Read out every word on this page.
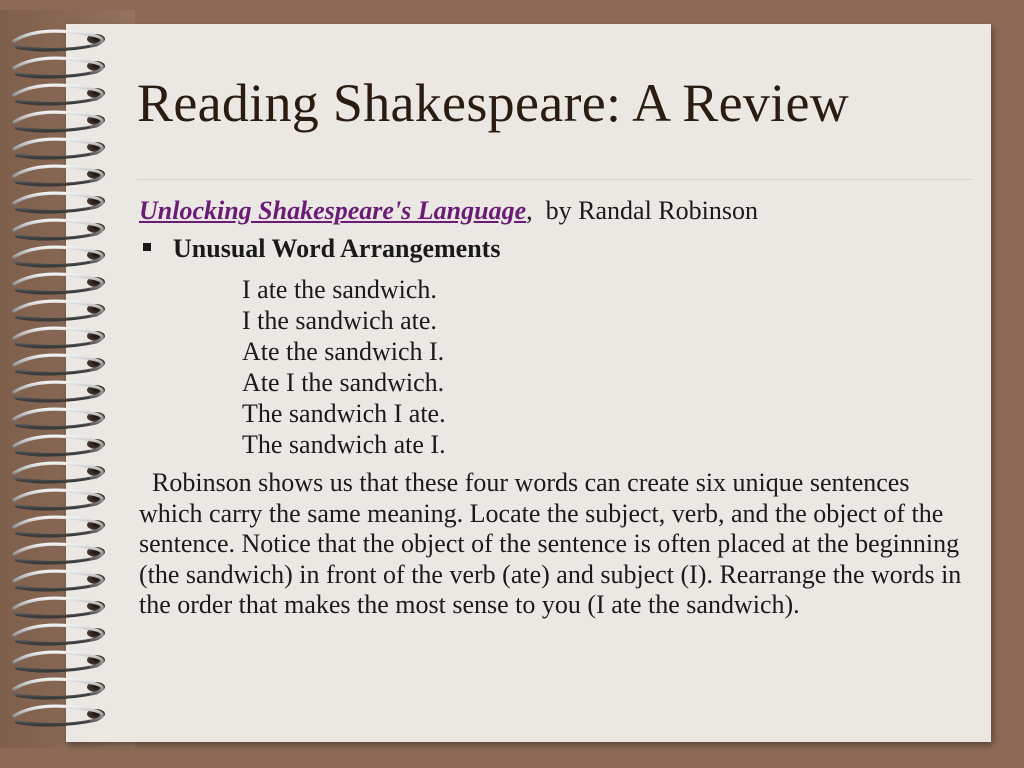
Reading Shakespeare: A Review
Unlocking Shakespeare's Language, by Randal Robinson
Unusual Word Arrangements
I ate the sandwich.
I the sandwich ate.
Ate the sandwich I.
Ate I the sandwich.
The sandwich I ate.
The sandwich ate I.

Robinson shows us that these four words can create six unique sentences which carry the same meaning. Locate the subject, verb, and the object of the sentence. Notice that the object of the sentence is often placed at the beginning (the sandwich) in front of the verb (ate) and subject (I). Rearrange the words in the order that makes the most sense to you (I ate the sandwich).
